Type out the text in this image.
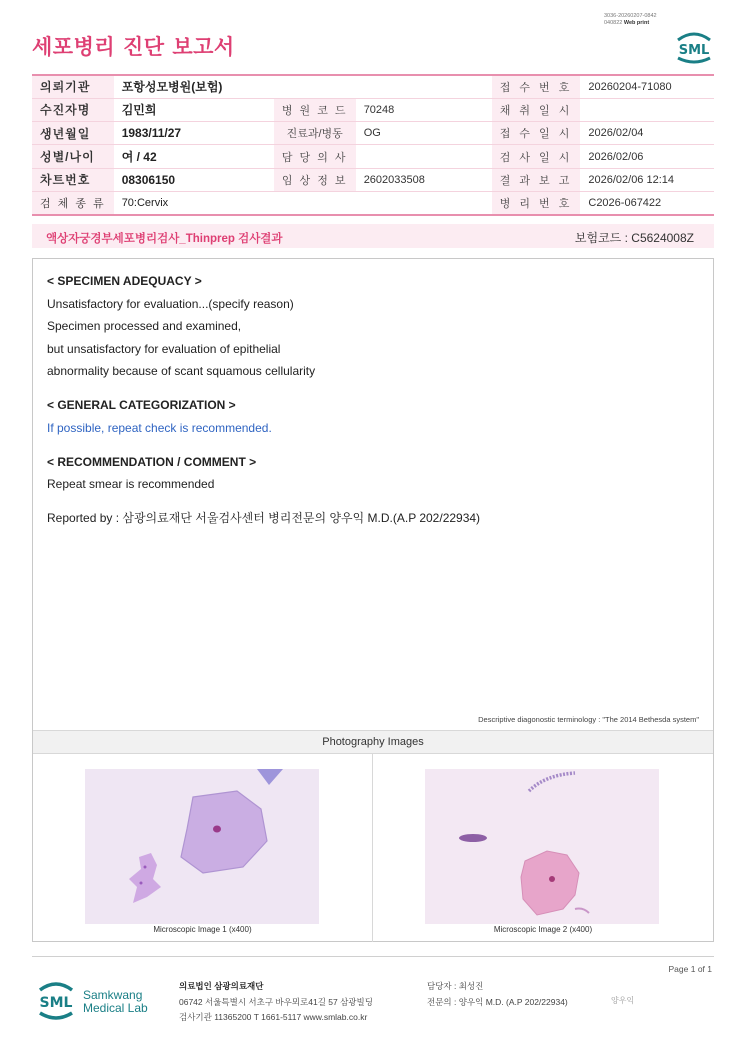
3036-20260207-0842
040822 Web print
세포병리 진단 보고서	SML
의뢰기관	포항성모병원(보험)			접 수 번 호	20260204-71080
수진자명	김민희	병 원 코 드	70248	채 취 일 시	
생년월일	1983/11/27	진료과/병동	OG	접 수 일 시	2026/02/04
성별/나이	여 / 42	담 당 의 사		검 사 일 시	2026/02/06
차트번호	08306150	임 상 정 보	2602033508	결 과 보 고	2026/02/06 12:14
검 체 종 류	70:Cervix			병 리 번 호	C2026-067422
액상자궁경부세포병리검사_Thinprep 검사결과	보험코드 : C5624008Z
< SPECIMEN ADEQUACY >
Unsatisfactory for evaluation...(specify reason)
Specimen processed and examined,
but unsatisfactory for evaluation of epithelial
abnormality because of scant squamous cellularity
< GENERAL CATEGORIZATION >
If possible, repeat check is recommended.
< RECOMMENDATION / COMMENT >
Repeat smear is recommended
Reported by : 삼광의료재단 서울검사센터 병리전문의 양우익 M.D.(A.P 202/22934)
Descriptive diagonostic terminology : "The 2014 Bethesda system"
Photography Images
Microscopic Image 1 (x400)	Microscopic Image 2 (x400)
Page 1 of 1
SML Samkwang
Medical Lab
의료법인 삼광의료재단
06742 서울특별시 서초구 바우뫼로41길 57 삼광빌딩
검사기관 11365200 T 1661-5117 www.smlab.co.kr
담당자 : 최성진
전문의 : 양우익 M.D. (A.P 202/22934)	양우익
